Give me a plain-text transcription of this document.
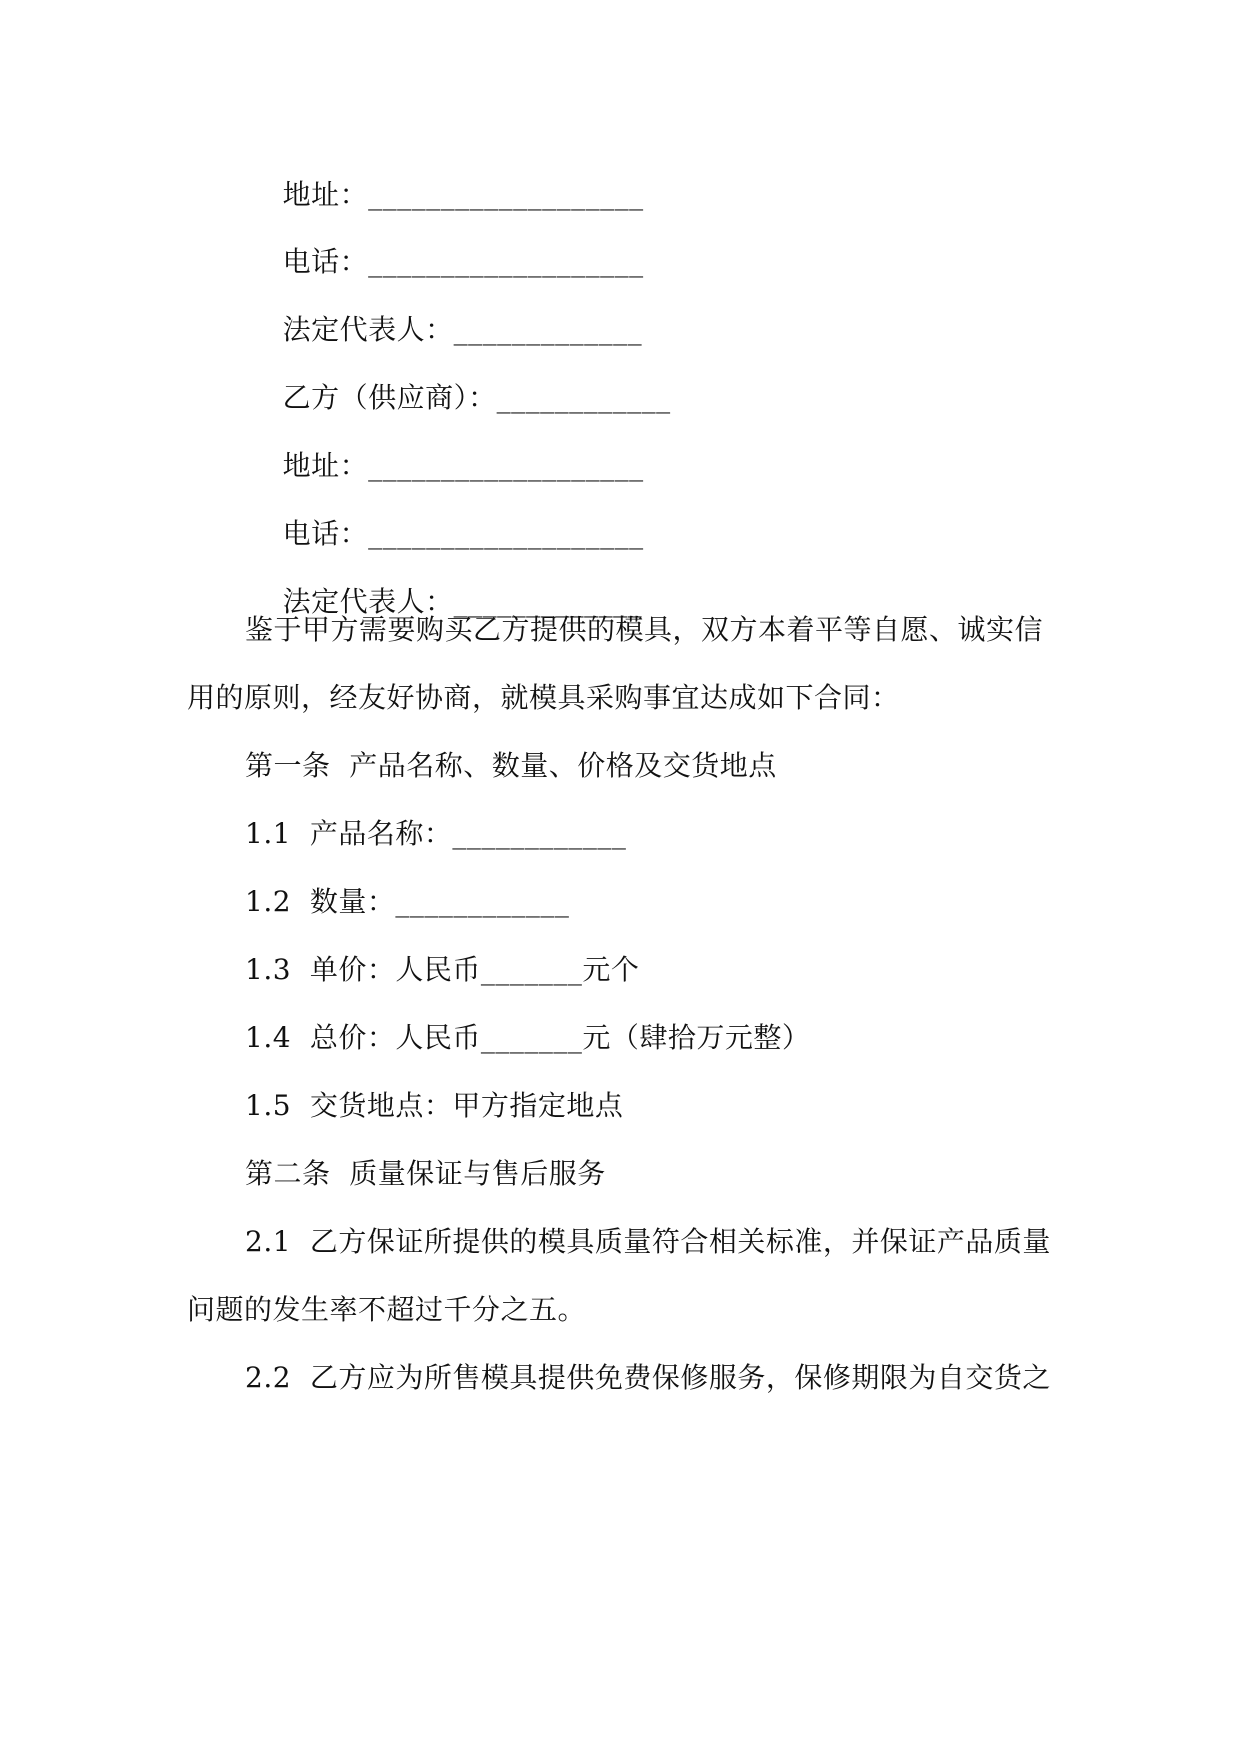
地址：___________________

电话：___________________

法定代表人：_____________

乙方（供应商）：____________

地址：___________________

电话：___________________

法定代表人：_____________

鉴于甲方需要购买乙方提供的模具，双方本着平等自愿、诚实信
用的原则，经友好协商，就模具采购事宜达成如下合同：
第一条  产品名称、数量、价格及交货地点
1.1  产品名称：____________
1.2  数量：____________
1.3  单价：人民币_______元个
1.4  总价：人民币_______元（肆拾万元整）
1.5  交货地点：甲方指定地点
第二条  质量保证与售后服务
2.1  乙方保证所提供的模具质量符合相关标准，并保证产品质量
问题的发生率不超过千分之五。
2.2  乙方应为所售模具提供免费保修服务，保修期限为自交货之
